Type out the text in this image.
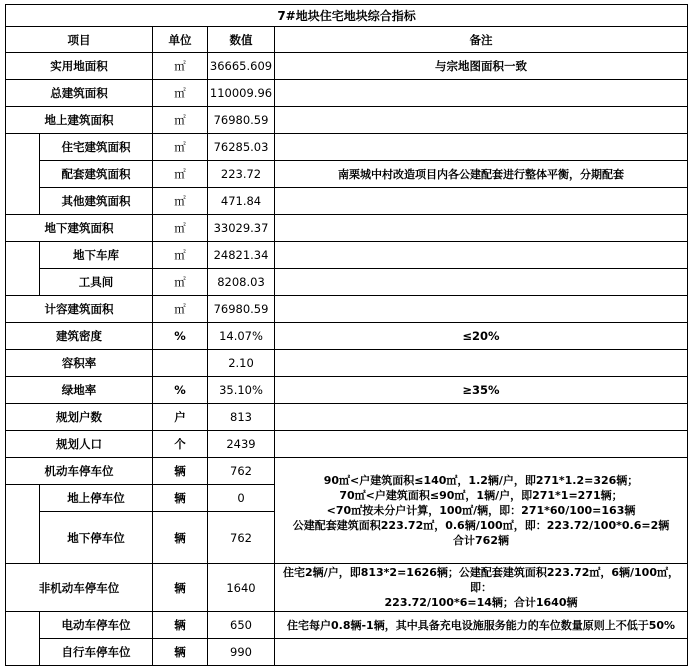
7#地块住宅地块综合指标				
项目		单位	数值	备注
实用地面积		㎡	36665.609	与宗地图面积一致
总建筑面积		㎡	110009.96	
地上建筑面积		㎡	76980.59	
	住宅建筑面积	㎡	76285.03	
	配套建筑面积	㎡	223.72	南栗城中村改造项目内各公建配套进行整体平衡，分期配套
	其他建筑面积	㎡	471.84	
地下建筑面积		㎡	33029.37	
	地下车库	㎡	24821.34	
	工具间	㎡	8208.03	
计容建筑面积		㎡	76980.59	
建筑密度		%	14.07%	≤20%
容积率			2.10	
绿地率		%	35.10%	≥35%
规划户数		户	813	
规划人口		个	2439	
机动车停车位		辆	762	90㎡<户建筑面积≤140㎡，1.2辆/户，即271*1.2=326辆；
70㎡<户建筑面积≤90㎡，1辆/户，即271*1=271辆；
<70㎡按未分户计算，100㎡/辆，即：271*60/100=163辆
公建配套建筑面积223.72㎡，0.6辆/100㎡，即：223.72/100*0.6=2辆
合计762辆

	地上停车位	辆	0	
	地下停车位	辆	762	
非机动车停车位		辆	1640	住宅2辆/户，即813*2=1626辆；公建配套建筑面积223.72㎡，6辆/100㎡，即：
223.72/100*6=14辆；合计1640辆

	电动车停车位	辆	650	住宅每户0.8辆-1辆，其中具备充电设施服务能力的车位数量原则上不低于50%
	自行车停车位	辆	990	
